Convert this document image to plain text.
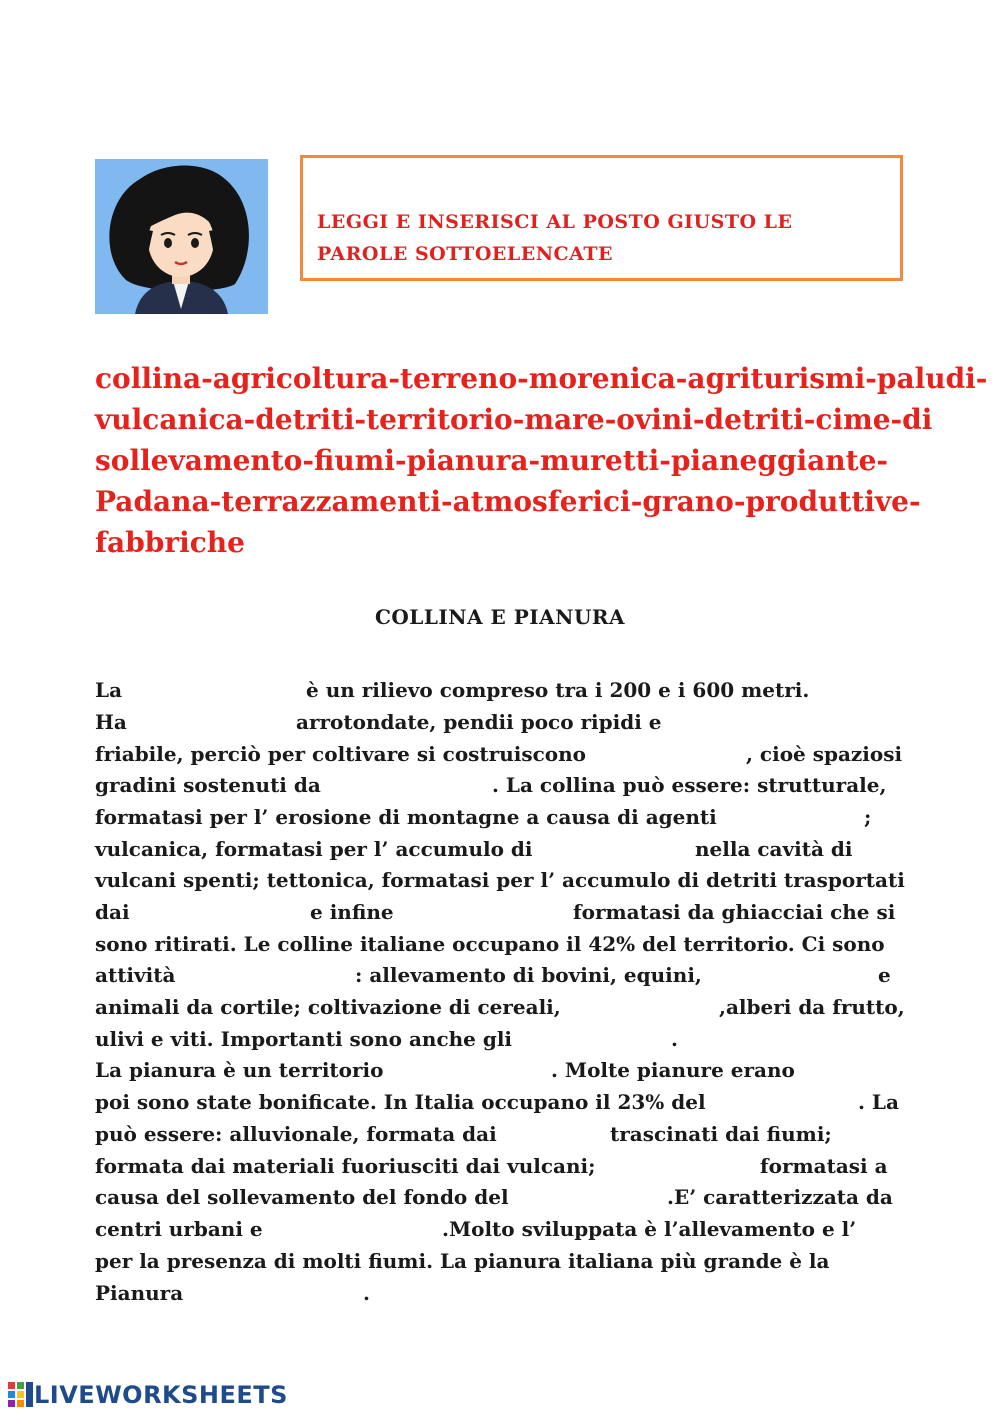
LEGGI E INSERISCI AL POSTO GIUSTO LE PAROLE SOTTOELENCATE
collina-agricoltura-terreno-morenica-agriturismi-paludi-
vulcanica-detriti-territorio-mare-ovini-detriti-cime-di
sollevamento-fiumi-pianura-muretti-pianeggiante-
Padana-terrazzamenti-atmosferici-grano-produttive-
fabbriche
COLLINA E PIANURA
La	è un rilievo compreso tra i 200 e i 600 metri.
Ha	arrotondate, pendii poco ripidi e
friabile, perciò per coltivare si costruiscono	, cioè spaziosi
gradini sostenuti da	. La collina può essere: strutturale,
formatasi per l’ erosione di montagne a causa di agenti	;
vulcanica, formatasi per l’ accumulo di	nella cavità di
vulcani spenti; tettonica, formatasi per l’ accumulo di detriti trasportati
dai	e infine	formatasi da ghiacciai che si
sono ritirati. Le colline italiane occupano il 42% del territorio. Ci sono
attività	: allevamento di bovini, equini,	e
animali da cortile; coltivazione di cereali,	,alberi da frutto,
ulivi e viti. Importanti sono anche gli	.
La pianura è un territorio	. Molte pianure erano
poi sono state bonificate. In Italia occupano il 23% del	. La
può essere: alluvionale, formata dai	trascinati dai fiumi;
formata dai materiali fuoriusciti dai vulcani;	formatasi a
causa del sollevamento del fondo del	.E’ caratterizzata da
centri urbani e	.Molto sviluppata è l’allevamento e l’
per la presenza di molti fiumi. La pianura italiana più grande è la
Pianura	.
LIVEWORKSHEETS
